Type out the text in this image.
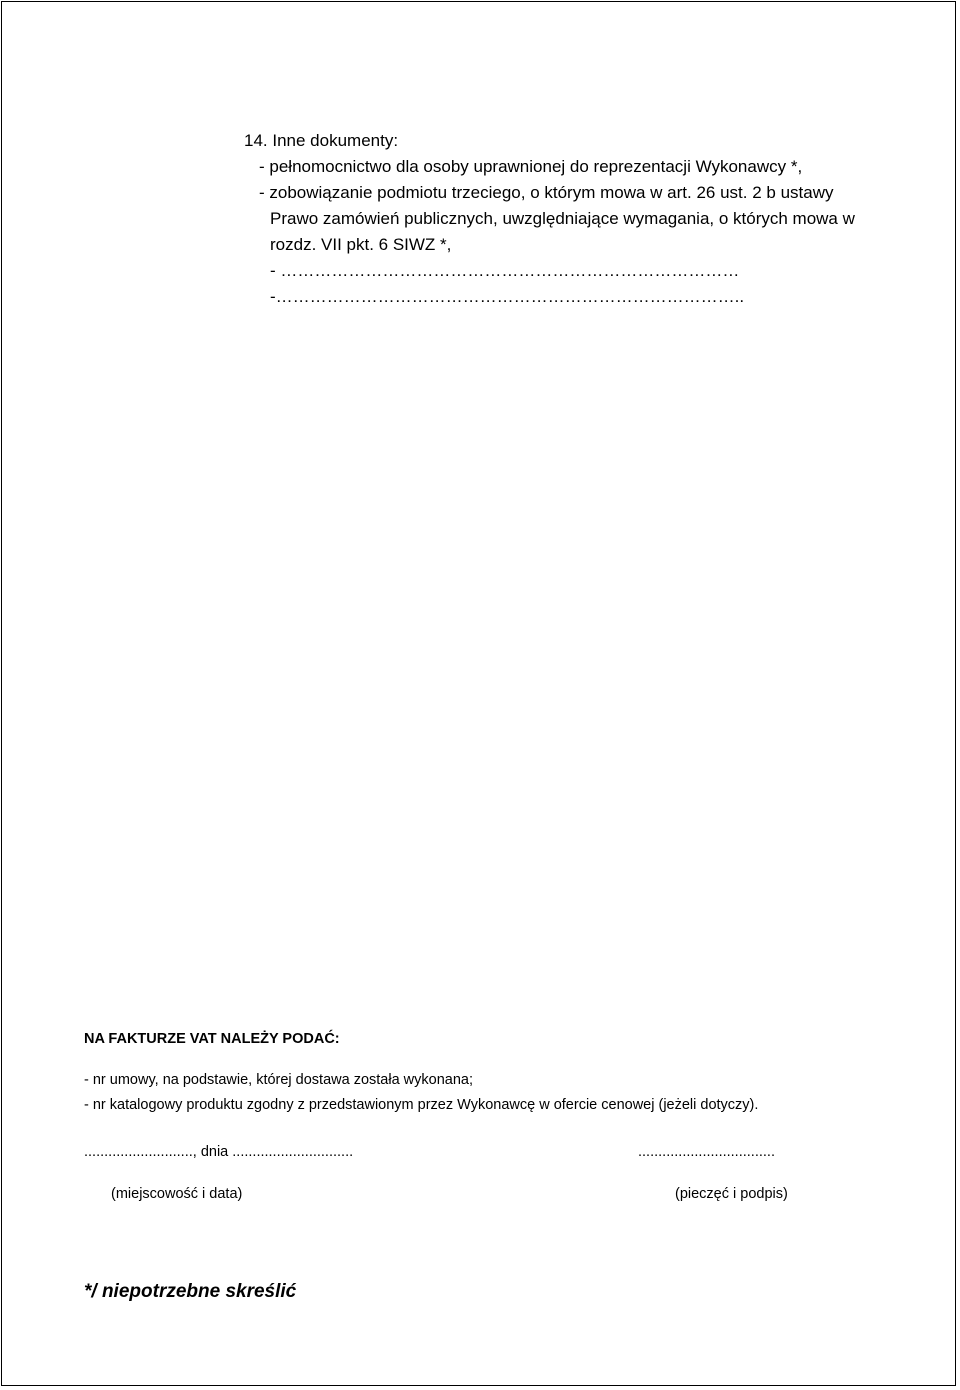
14. Inne dokumenty:
- pełnomocnictwo dla osoby uprawnionej do reprezentacji Wykonawcy *,
- zobowiązanie podmiotu trzeciego, o którym mowa w art. 26 ust. 2 b ustawy
Prawo zamówień publicznych, uwzględniające wymagania, o których mowa w
rozdz. VII pkt. 6 SIWZ *,
- ………………………………………………………………………
-………………………………………………………………………..
NA FAKTURZE VAT NALEŻY PODAĆ:
- nr umowy, na podstawie, której dostawa została wykonana;
- nr katalogowy produktu zgodny z przedstawionym przez Wykonawcę w ofercie cenowej (jeżeli dotyczy).
..........................., dnia ..............................	..................................
(miejscowość i data)	(pieczęć i podpis)
*/ niepotrzebne skreślić
